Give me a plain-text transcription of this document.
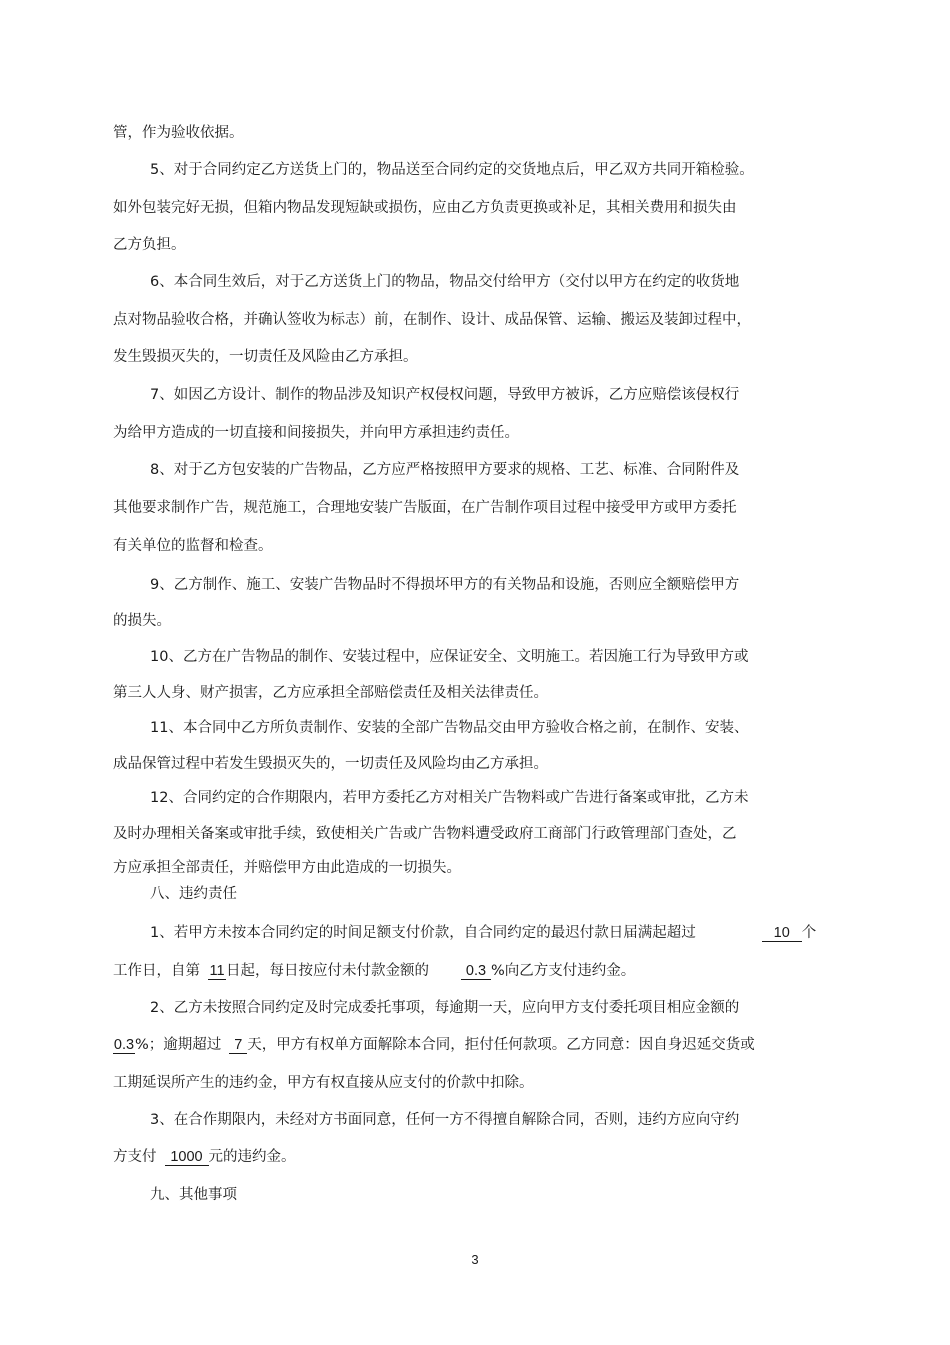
管，作为验收依据。
5、对于合同约定乙方送货上门的，物品送至合同约定的交货地点后，甲乙双方共同开箱检验。
如外包装完好无损，但箱内物品发现短缺或损伤，应由乙方负责更换或补足，其相关费用和损失由
乙方负担。
6、本合同生效后，对于乙方送货上门的物品，物品交付给甲方（交付以甲方在约定的收货地
点对物品验收合格，并确认签收为标志）前，在制作、设计、成品保管、运输、搬运及装卸过程中，
发生毁损灭失的，一切责任及风险由乙方承担。
7、如因乙方设计、制作的物品涉及知识产权侵权问题，导致甲方被诉，乙方应赔偿该侵权行
为给甲方造成的一切直接和间接损失，并向甲方承担违约责任。
8、对于乙方包安装的广告物品，乙方应严格按照甲方要求的规格、工艺、标准、合同附件及
其他要求制作广告，规范施工，合理地安装广告版面，在广告制作项目过程中接受甲方或甲方委托
有关单位的监督和检查。
9、乙方制作、施工、安装广告物品时不得损坏甲方的有关物品和设施，否则应全额赔偿甲方
的损失。
10、乙方在广告物品的制作、安装过程中，应保证安全、文明施工。若因施工行为导致甲方或
第三人人身、财产损害，乙方应承担全部赔偿责任及相关法律责任。
11、本合同中乙方所负责制作、安装的全部广告物品交由甲方验收合格之前，在制作、安装、
成品保管过程中若发生毁损灭失的，一切责任及风险均由乙方承担。
12、合同约定的合作期限内，若甲方委托乙方对相关广告物料或广告进行备案或审批，乙方未
及时办理相关备案或审批手续，致使相关广告或广告物料遭受政府工商部门行政管理部门查处，乙
方应承担全部责任，并赔偿甲方由此造成的一切损失。
八、违约责任
1、若甲方未按本合同约定的时间足额支付价款，自合同约定的最迟付款日届满起超过	10 个
工作日，自第 11日起，每日按应付未付款金额的	0.3 %向乙方支付违约金。
2、乙方未按照合同约定及时完成委托事项，每逾期一天，应向甲方支付委托项目相应金额的
0.3%；逾期超过 7 天，甲方有权单方面解除本合同，拒付任何款项。乙方同意：因自身迟延交货或
工期延误所产生的违约金，甲方有权直接从应支付的价款中扣除。
3、在合作期限内，未经对方书面同意，任何一方不得擅自解除合同，否则，违约方应向守约
方支付 1000 元的违约金。
九、其他事项
3
